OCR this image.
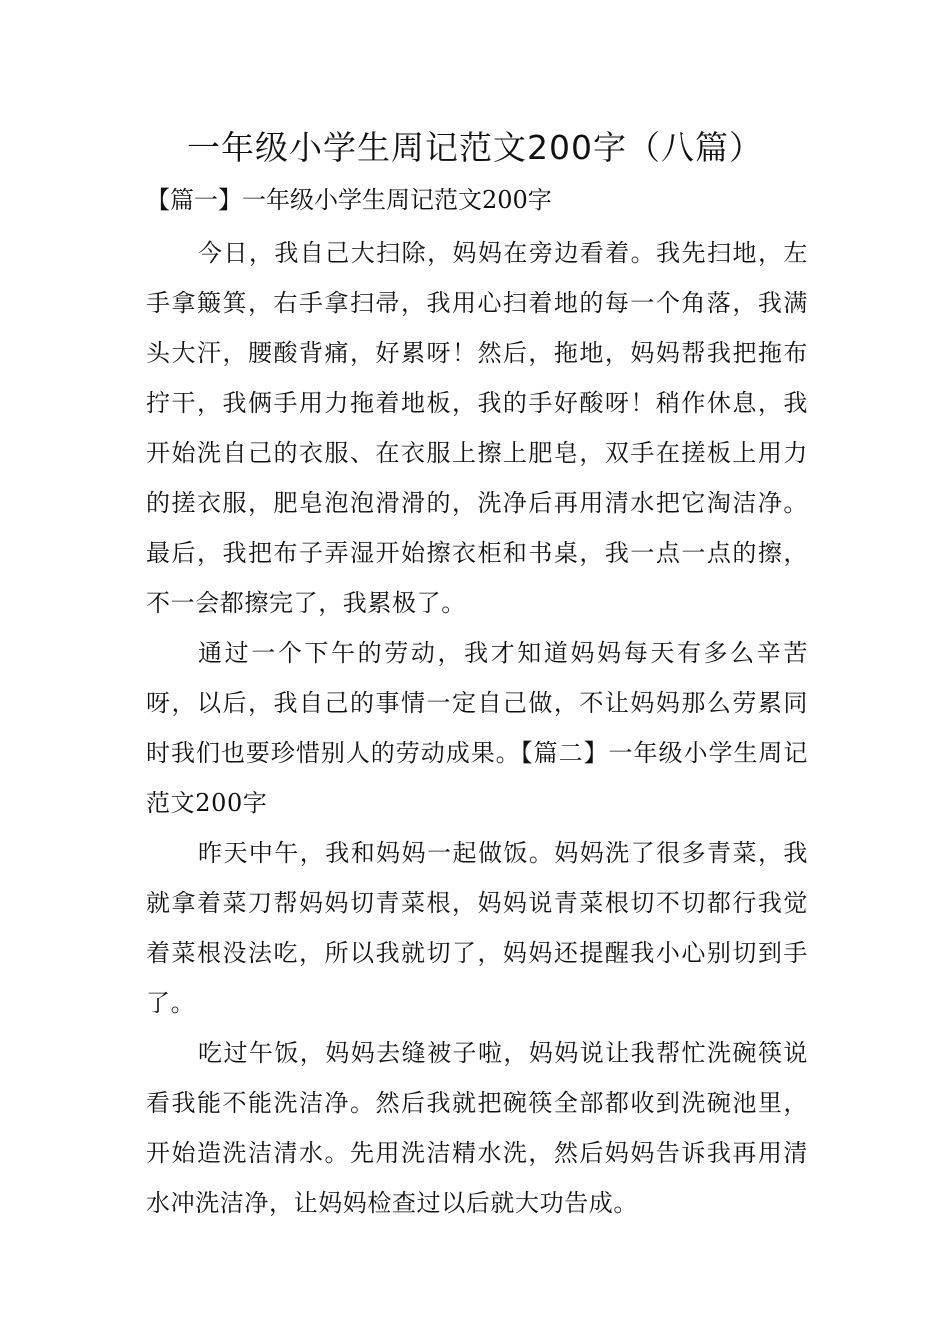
一年级小学生周记范文200字（八篇）
【篇一】一年级小学生周记范文200字

今日，我自己大扫除，妈妈在旁边看着。我先扫地，左手拿簸箕，右手拿扫帚，我用心扫着地的每一个角落，我满头大汗，腰酸背痛，好累呀！然后，拖地，妈妈帮我把拖布拧干，我俩手用力拖着地板，我的手好酸呀！稍作休息，我开始洗自己的衣服、在衣服上擦上肥皂，双手在搓板上用力的搓衣服，肥皂泡泡滑滑的，洗净后再用清水把它淘洁净。最后，我把布子弄湿开始擦衣柜和书桌，我一点一点的擦，不一会都擦完了，我累极了。

通过一个下午的劳动，我才知道妈妈每天有多么辛苦呀，以后，我自己的事情一定自己做，不让妈妈那么劳累同时我们也要珍惜别人的劳动成果。【篇二】一年级小学生周记范文200字

昨天中午，我和妈妈一起做饭。妈妈洗了很多青菜，我就拿着菜刀帮妈妈切青菜根，妈妈说青菜根切不切都行我觉着菜根没法吃，所以我就切了，妈妈还提醒我小心别切到手了。

吃过午饭，妈妈去缝被子啦，妈妈说让我帮忙洗碗筷说看我能不能洗洁净。然后我就把碗筷全部都收到洗碗池里，开始造洗洁清水。先用洗洁精水洗，然后妈妈告诉我再用清水冲洗洁净，让妈妈检查过以后就大功告成。
